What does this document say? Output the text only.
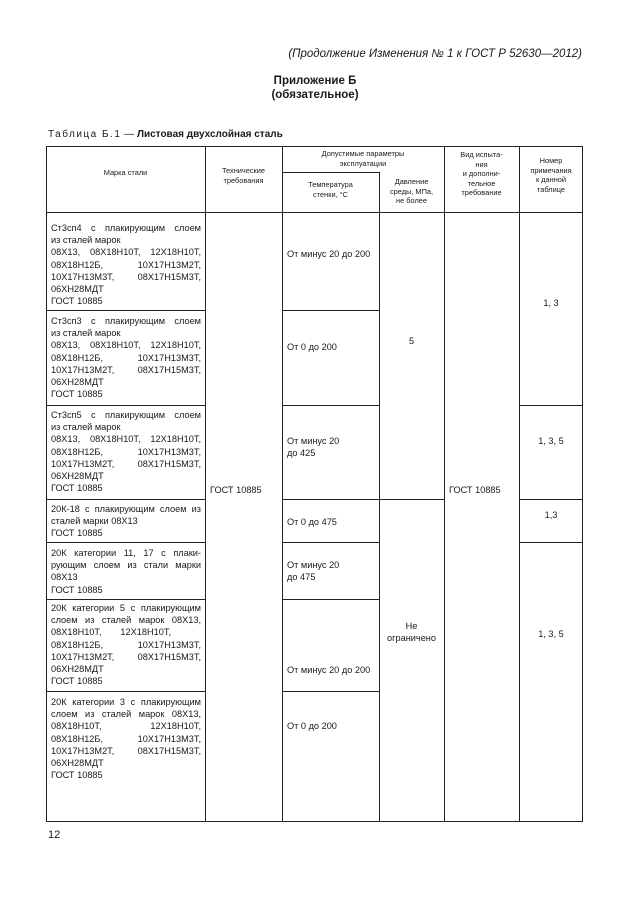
(Продолжение Изменения № 1 к ГОСТ Р 52630—2012)
Приложение Б
(обязательное)
Таблица Б.1 — Листовая двухслойная сталь
Марка стали	Технические
требования
Допустимые параметры
эксплуатации
Температура
стенки, °С
Давление
среды, МПа,
не более
Вид испыта-
ния
и дополни-
тельное
требование
Номер
примечания
к данной
таблице
Ст3сп4 с плакирующим слоем
из сталей марок
08Х13, 08Х18Н10Т, 12Х18Н10Т,
08Х18Н12Б, 10Х17Н13М2Т,
10Х17Н13М3Т, 08Х17Н15М3Т,
06ХН28МДТ
ГОСТ 10885
От минус 20 до 200
Ст3сп3 с плакирующим слоем
из сталей марок
08Х13, 08Х18Н10Т, 12Х18Н10Т,
08Х18Н12Б, 10Х17Н13М3Т,
10Х17Н13М2Т, 08Х17Н15М3Т,
06ХН28МДТ
ГОСТ 10885
От 0 до 200
Ст3сп5 с плакирующим слоем
из сталей марок
08Х13, 08Х18Н10Т, 12Х18Н10Т,
08Х18Н12Б, 10Х17Н13М3Т,
10Х17Н13М2Т, 08Х17Н15М3Т,
06ХН28МДТ
ГОСТ 10885
От минус 20
до 425
20К-18 с плакирующим слоем из
сталей марки 08Х13
ГОСТ 10885
От 0 до 475
20К категории 11, 17 с плаки-
рующим слоем из стали марки
08Х13
ГОСТ 10885
От минус 20
до 475
20К категории 5 с плакирующим
слоем из сталей марок 08Х13,
08Х18Н10Т, 12Х18Н10Т,
08Х18Н12Б, 10Х17Н13М3Т,
10Х17Н13М2Т, 08Х17Н15М3Т,
06ХН28МДТ
ГОСТ 10885
От минус 20 до 200
20К категории 3 с плакирующим
слоем из сталей марок 08Х13,
08Х18Н10Т, 12Х18Н10Т,
08Х18Н12Б, 10Х17Н13М3Т,
10Х17Н13М2Т, 08Х17Н15М3Т,
06ХН28МДТ
ГОСТ 10885
От 0 до 200
ГОСТ 10885	ГОСТ 10885
5
Не
ограничено
1, 3
1, 3, 5
1,3
1, 3, 5
12
